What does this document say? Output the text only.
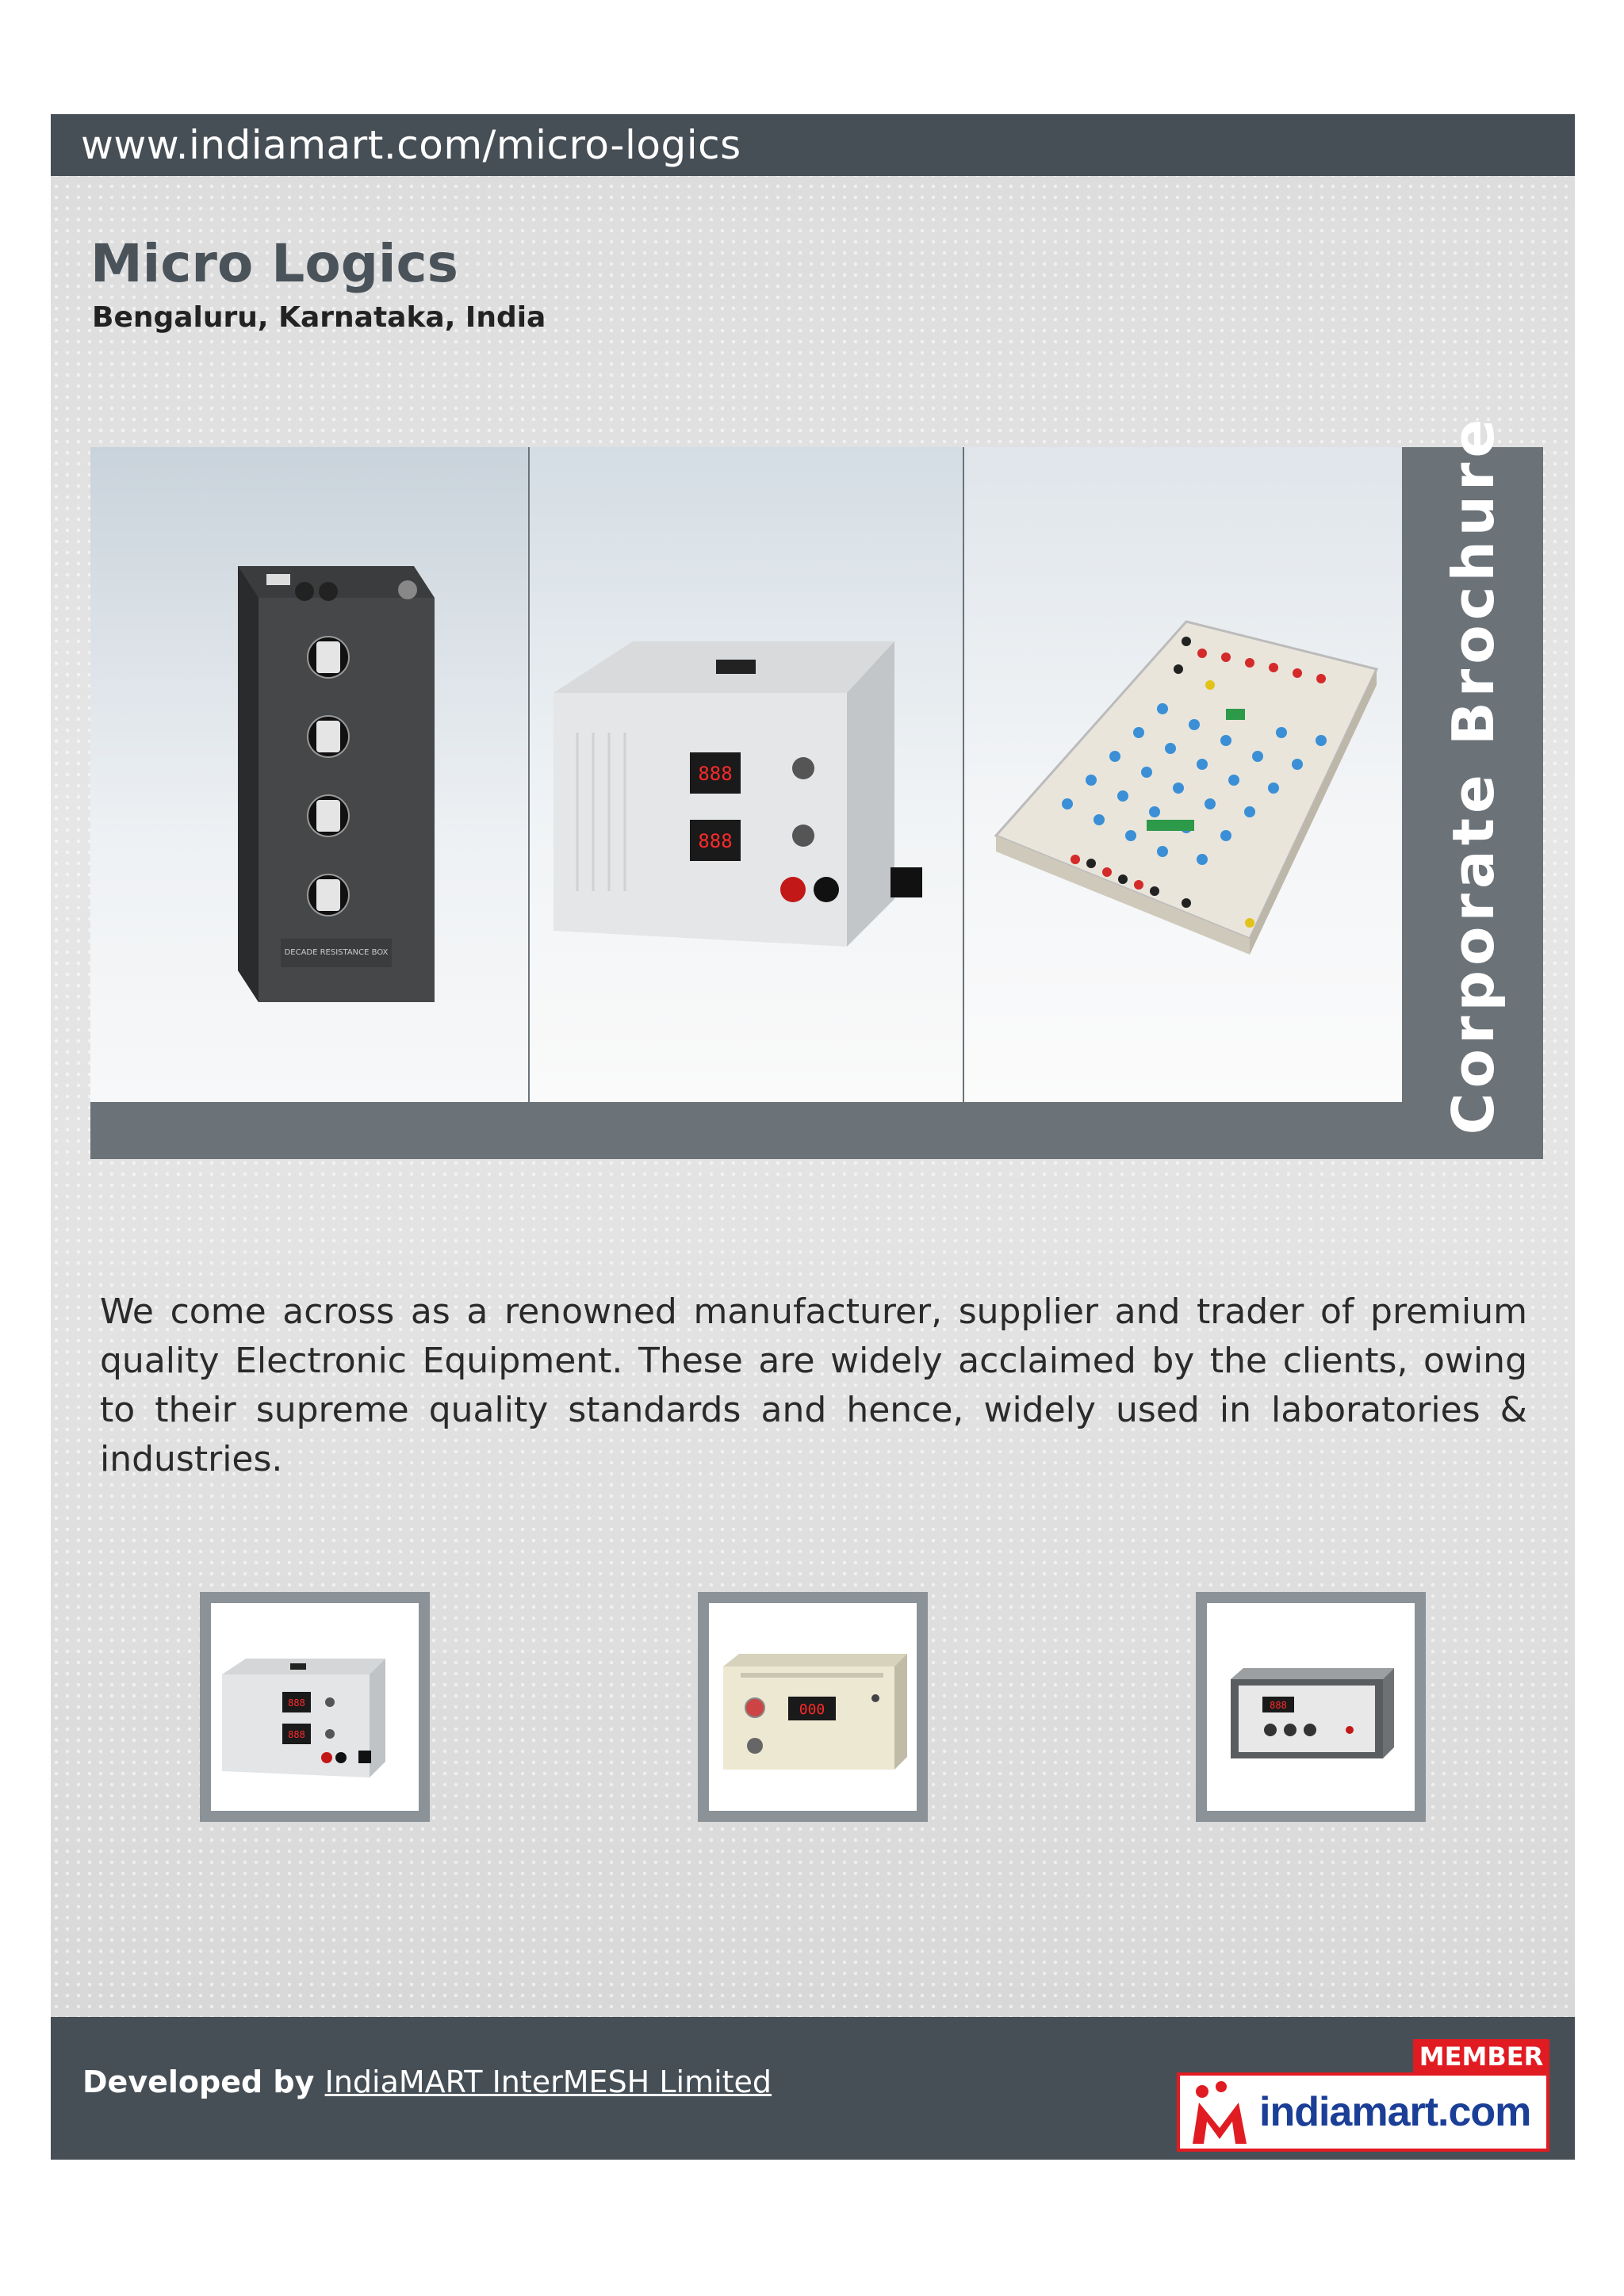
www.indiamart.com/micro-logics
Micro Logics
Bengaluru, Karnataka, India
DECADE RESISTANCE BOX
888
888	Corporate Brochure
We come across as a renowned manufacturer, supplier and trader of premium quality Electronic Equipment. These are widely acclaimed by the clients, owing to their supreme quality standards and hence, widely used in laboratories & industries.
888
888
000	888
Developed by IndiaMART InterMESH Limited
MEMBER
indiamart.com
